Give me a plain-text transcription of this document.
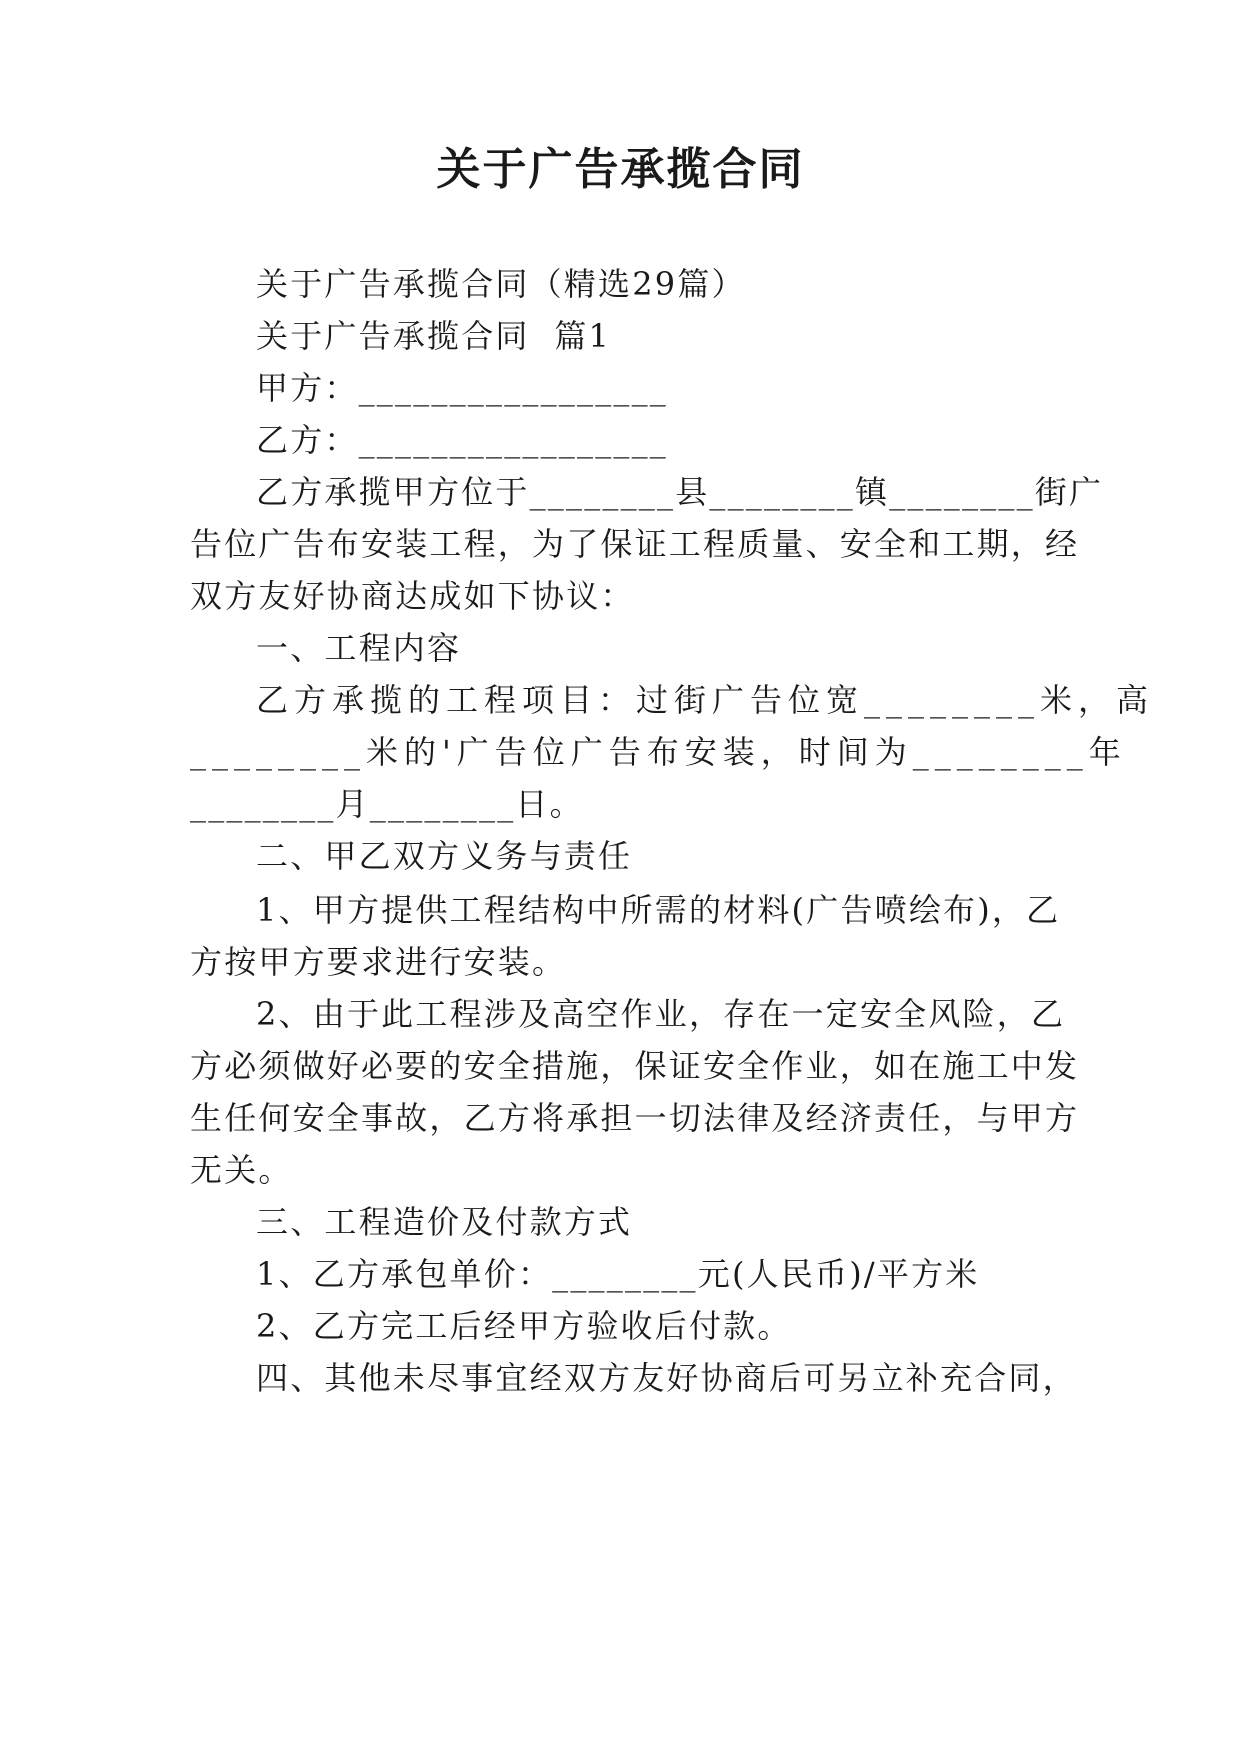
关于广告承揽合同
关于广告承揽合同（精选29篇）
关于广告承揽合同  篇1
甲方：_________________
乙方：_________________
乙方承揽甲方位于________县________镇________街广
告位广告布安装工程，为了保证工程质量、安全和工期，经
双方友好协商达成如下协议：
一、工程内容
乙方承揽的工程项目：过街广告位宽________米，高
________米的'广告位广告布安装，时间为________年
________月________日。
二、甲乙双方义务与责任
1、甲方提供工程结构中所需的材料(广告喷绘布)，乙
方按甲方要求进行安装。
2、由于此工程涉及高空作业，存在一定安全风险，乙
方必须做好必要的安全措施，保证安全作业，如在施工中发
生任何安全事故，乙方将承担一切法律及经济责任，与甲方
无关。
三、工程造价及付款方式
1、乙方承包单价：________元(人民币)/平方米
2、乙方完工后经甲方验收后付款。
四、其他未尽事宜经双方友好协商后可另立补充合同，
